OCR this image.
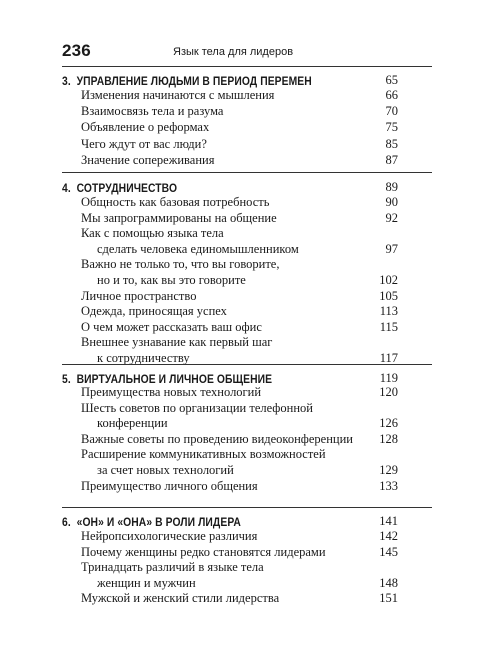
236	Язык тела для лидеров
3. УПРАВЛЕНИЕ ЛЮДЬМИ В ПЕРИОД ПЕРЕМЕН	65
Изменения начинаются с мышления	66
Взаимосвязь тела и разума	70
Объявление о реформах	75
Чего ждут от вас люди?	85
Значение сопереживания	87
4. СОТРУДНИЧЕСТВО	89
Общность как базовая потребность	90
Мы запрограммированы на общение	92
Как с помощью языка тела
сделать человека единомышленником	97
Важно не только то, что вы говорите,
но и то, как вы это говорите	102
Личное пространство	105
Одежда, приносящая успех	113
О чем может рассказать ваш офис	115
Внешнее узнавание как первый шаг
к сотрудничеству	117
5. ВИРТУАЛЬНОЕ И ЛИЧНОЕ ОБЩЕНИЕ	119
Преимущества новых технологий	120
Шесть советов по организации телефонной
конференции	126
Важные советы по проведению видеоконференции 128
Расширение коммуникативных возможностей
за счет новых технологий	129
Преимущество личного общения	133
6. «ОН» И «ОНА» В РОЛИ ЛИДЕРА	141
Нейропсихологические различия	142
Почему женщины редко становятся лидерами	145
Тринадцать различий в языке тела
женщин и мужчин	148
Мужской и женский стили лидерства	151
